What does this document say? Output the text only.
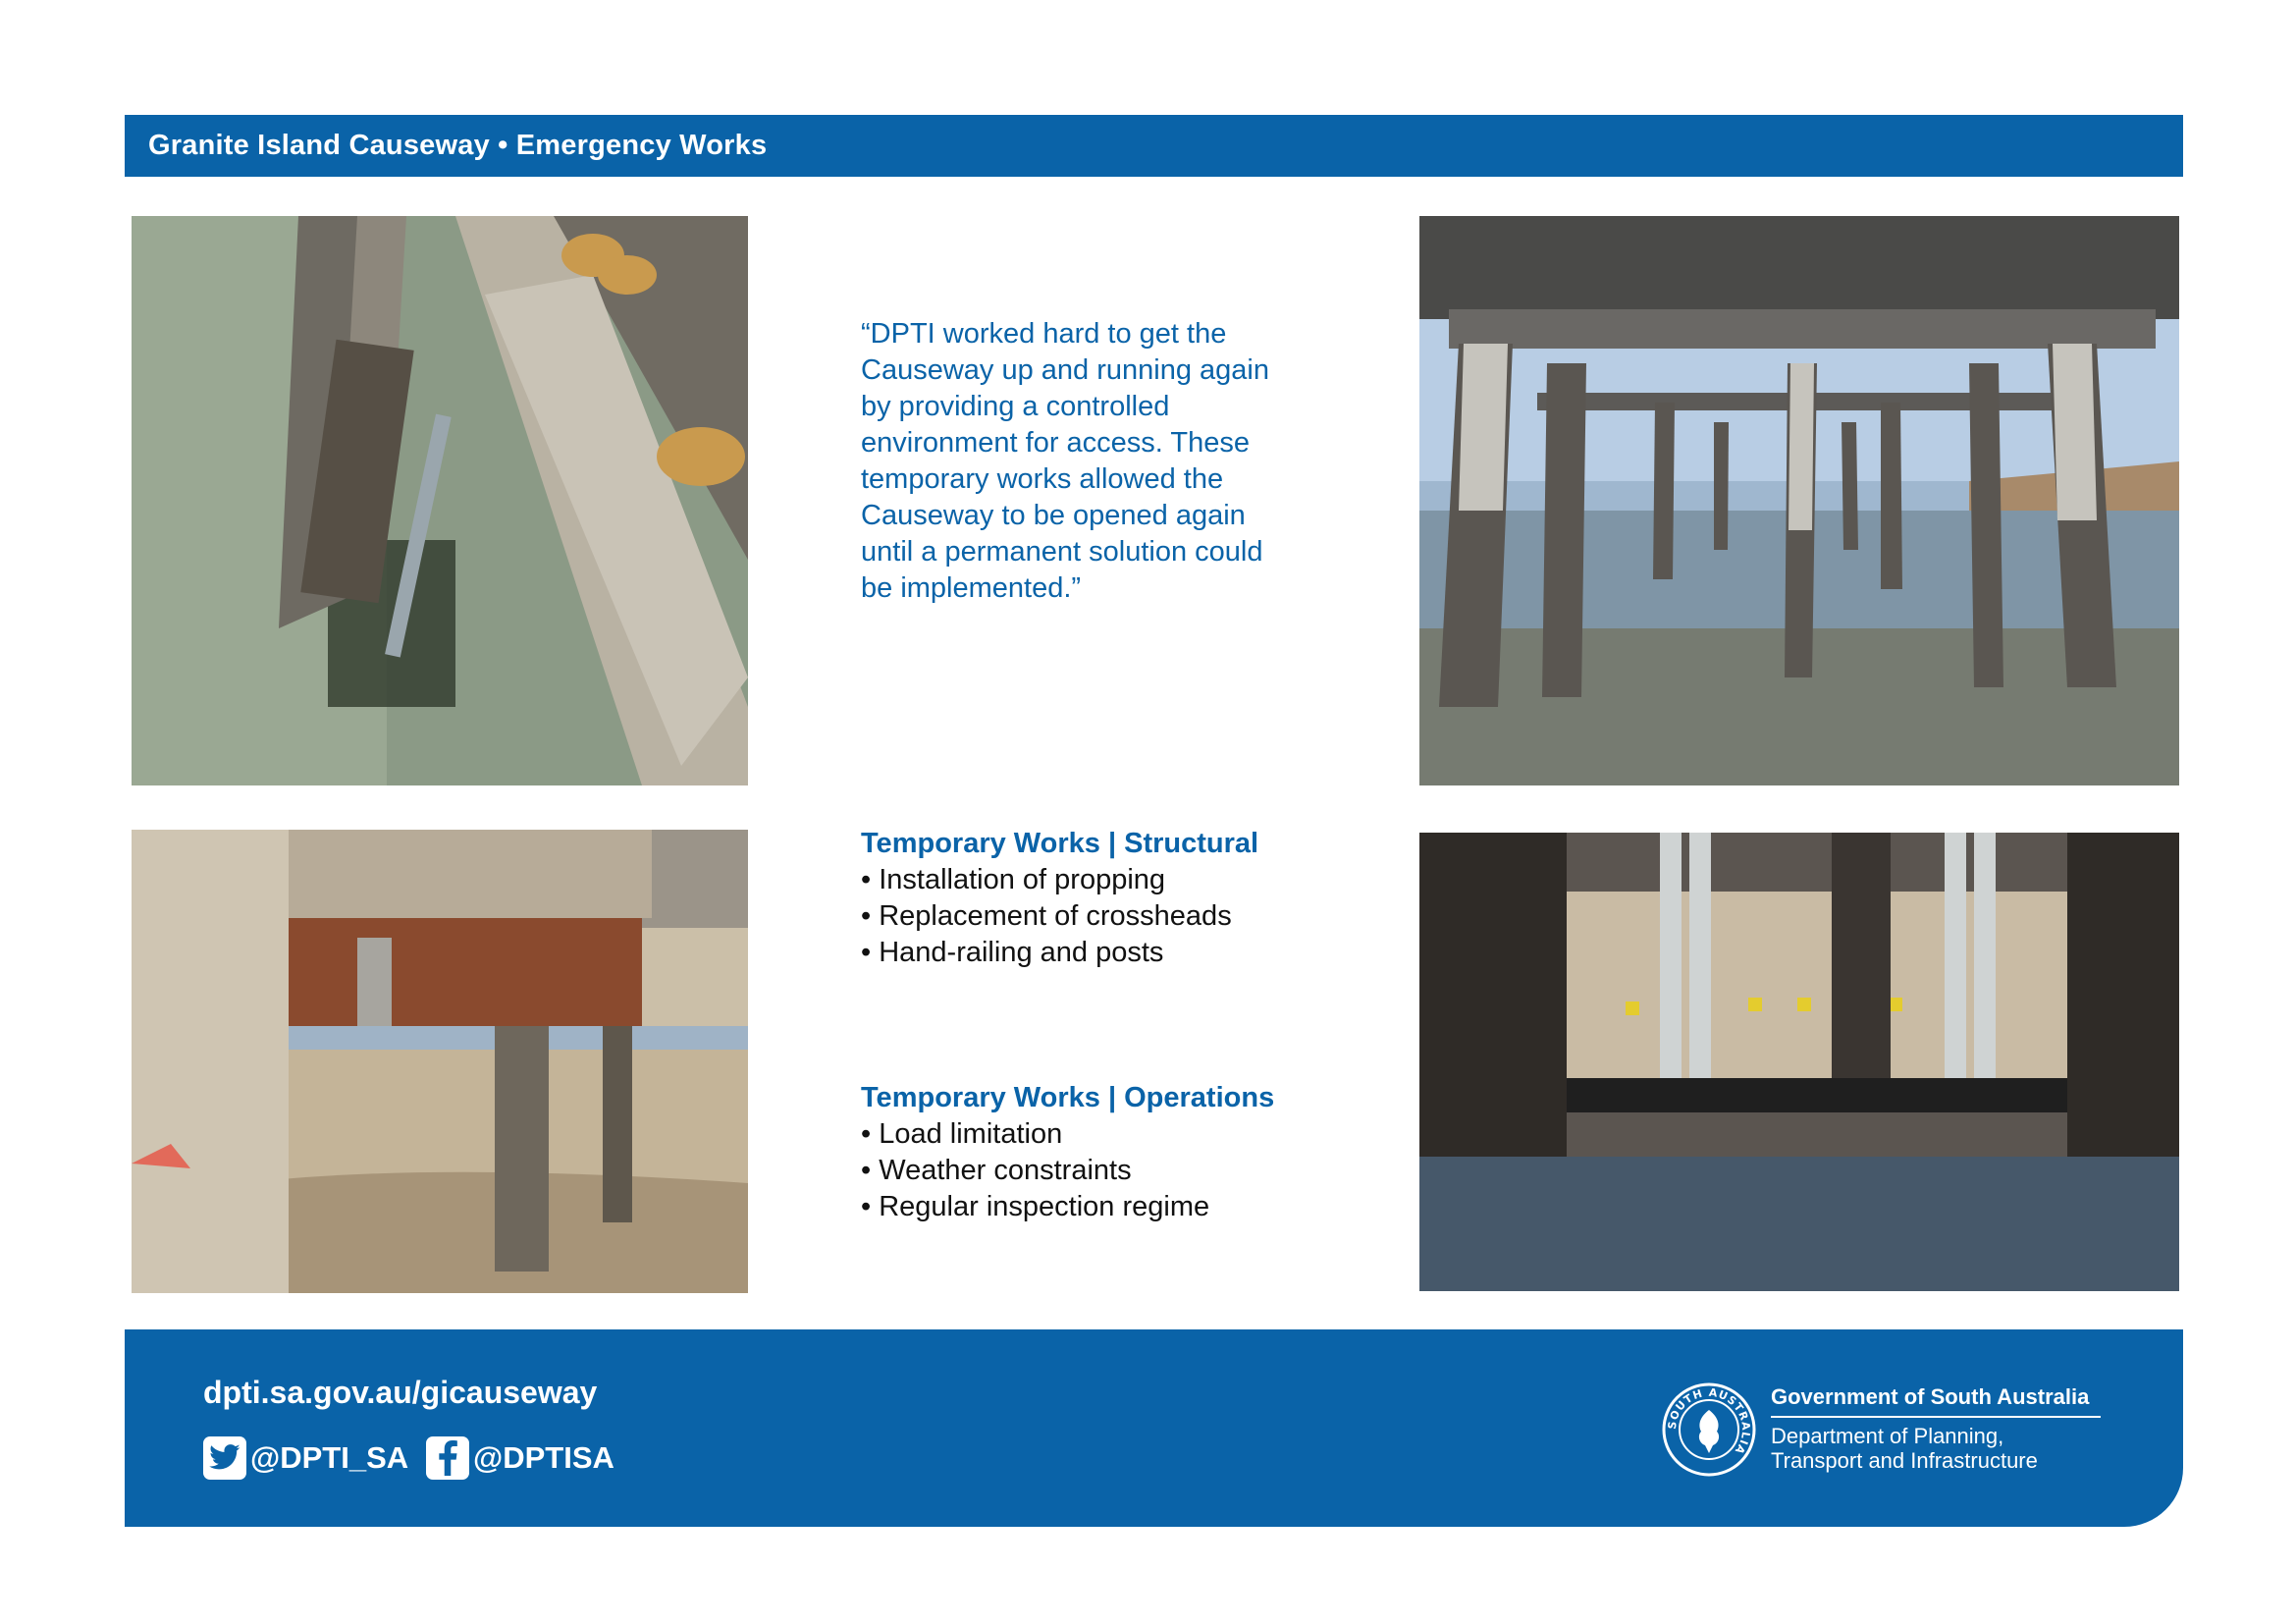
Granite Island Causeway • Emergency Works

“DPTI worked hard to get the Causeway up and running again by providing a controlled environment for access. These temporary works allowed the Causeway to be opened again until a permanent solution could be implemented.”

Temporary Works | Structural
• Installation of propping
• Replacement of crossheads
• Hand-railing and posts
Temporary Works | Operations
• Load limitation
• Weather constraints
• Regular inspection regime
dpti.sa.gov.au/gicauseway
@DPTI_SA @DPTISA
SOUTH AUSTRALIA
Government of South Australia
Department of Planning,
Transport and Infrastructure
